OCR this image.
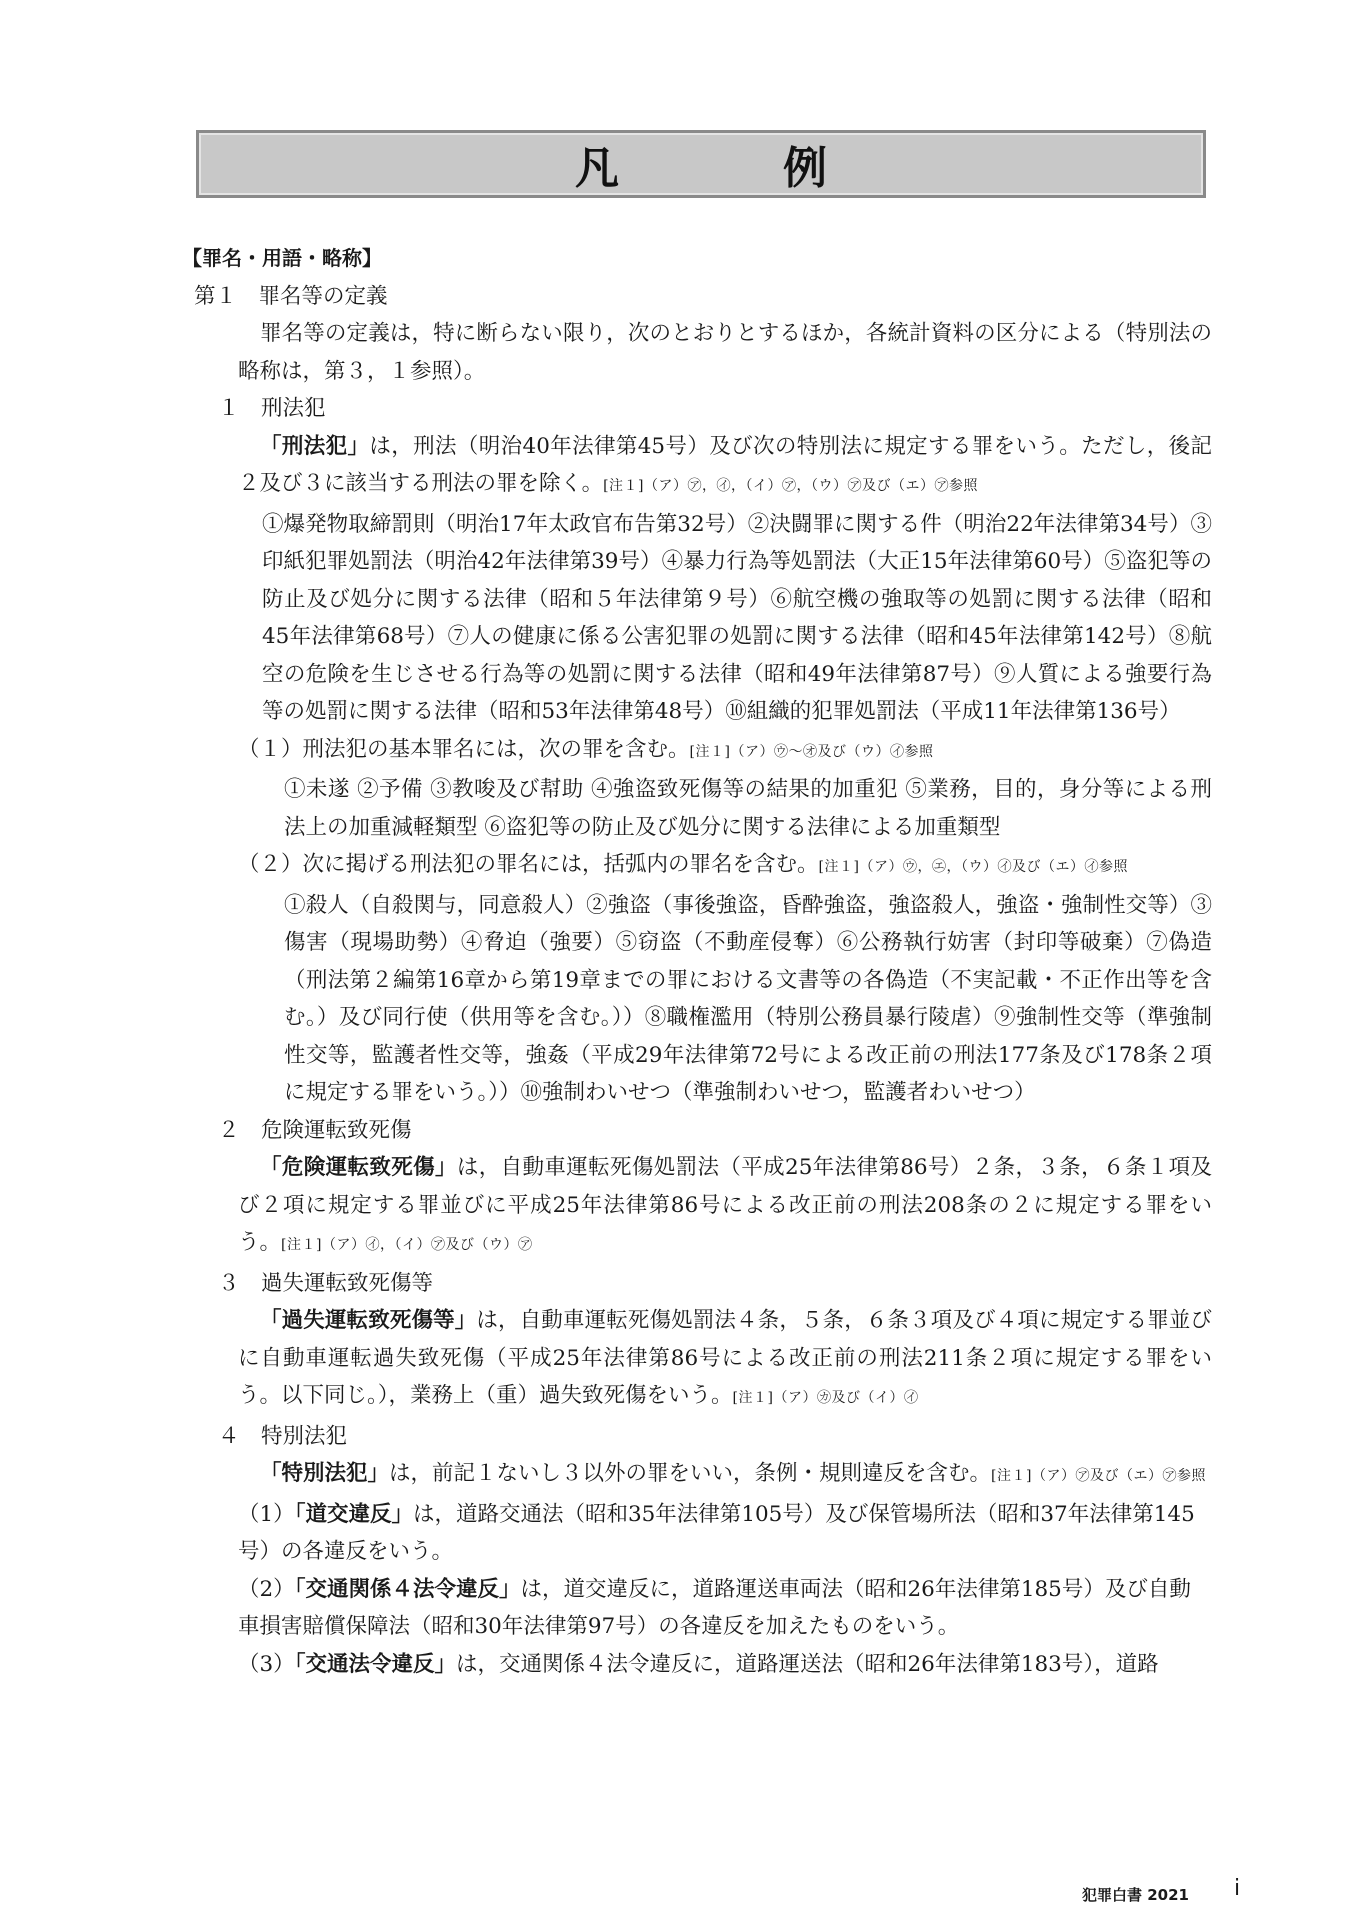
凡　例

【罪名・用語・略称】

第１　罪名等の定義

罪名等の定義は，特に断らない限り，次のとおりとするほか，各統計資料の区分による（特別法の略称は，第３，１参照）。

１　刑法犯

「刑法犯」は，刑法（明治40年法律第45号）及び次の特別法に規定する罪をいう。ただし，後記２及び３に該当する刑法の罪を除く。[注１]（ア）㋐，㋑，（イ）㋐，（ウ）㋐及び（エ）㋐参照

①爆発物取締罰則（明治17年太政官布告第32号）②決闘罪に関する件（明治22年法律第34号）③印紙犯罪処罰法（明治42年法律第39号）④暴力行為等処罰法（大正15年法律第60号）⑤盗犯等の防止及び処分に関する法律（昭和５年法律第９号）⑥航空機の強取等の処罰に関する法律（昭和45年法律第68号）⑦人の健康に係る公害犯罪の処罰に関する法律（昭和45年法律第142号）⑧航空の危険を生じさせる行為等の処罰に関する法律（昭和49年法律第87号）⑨人質による強要行為等の処罰に関する法律（昭和53年法律第48号）⑩組織的犯罪処罰法（平成11年法律第136号）

（１）刑法犯の基本罪名には，次の罪を含む。[注１]（ア）㋒～㋔及び（ウ）㋑参照

①未遂 ②予備 ③教唆及び幇助 ④強盗致死傷等の結果的加重犯 ⑤業務，目的，身分等による刑法上の加重減軽類型 ⑥盗犯等の防止及び処分に関する法律による加重類型

（２）次に掲げる刑法犯の罪名には，括弧内の罪名を含む。[注１]（ア）㋒，㋓，（ウ）㋑及び（エ）㋑参照

①殺人（自殺関与，同意殺人）②強盗（事後強盗，昏酔強盗，強盗殺人，強盗・強制性交等）③傷害（現場助勢）④脅迫（強要）⑤窃盗（不動産侵奪）⑥公務執行妨害（封印等破棄）⑦偽造（刑法第２編第16章から第19章までの罪における文書等の各偽造（不実記載・不正作出等を含む。）及び同行使（供用等を含む。））⑧職権濫用（特別公務員暴行陵虐）⑨強制性交等（準強制性交等，監護者性交等，強姦（平成29年法律第72号による改正前の刑法177条及び178条２項に規定する罪をいう。））⑩強制わいせつ（準強制わいせつ，監護者わいせつ）

２　危険運転致死傷

「危険運転致死傷」は，自動車運転死傷処罰法（平成25年法律第86号）２条，３条，６条１項及び２項に規定する罪並びに平成25年法律第86号による改正前の刑法208条の２に規定する罪をいう。[注１]（ア）㋑，（イ）㋐及び（ウ）㋐

３　過失運転致死傷等

「過失運転致死傷等」は，自動車運転死傷処罰法４条，５条，６条３項及び４項に規定する罪並びに自動車運転過失致死傷（平成25年法律第86号による改正前の刑法211条２項に規定する罪をいう。以下同じ。），業務上（重）過失致死傷をいう。[注１]（ア）㋕及び（イ）㋑

４　特別法犯

「特別法犯」は，前記１ないし３以外の罪をいい，条例・規則違反を含む。[注１]（ア）㋐及び（エ）㋐参照

（1）「道交違反」は，道路交通法（昭和35年法律第105号）及び保管場所法（昭和37年法律第145号）の各違反をいう。

（2）「交通関係４法令違反」は，道交違反に，道路運送車両法（昭和26年法律第185号）及び自動車損害賠償保障法（昭和30年法律第97号）の各違反を加えたものをいう。

（3）「交通法令違反」は，交通関係４法令違反に，道路運送法（昭和26年法律第183号），道路

犯罪白書 2021 i
